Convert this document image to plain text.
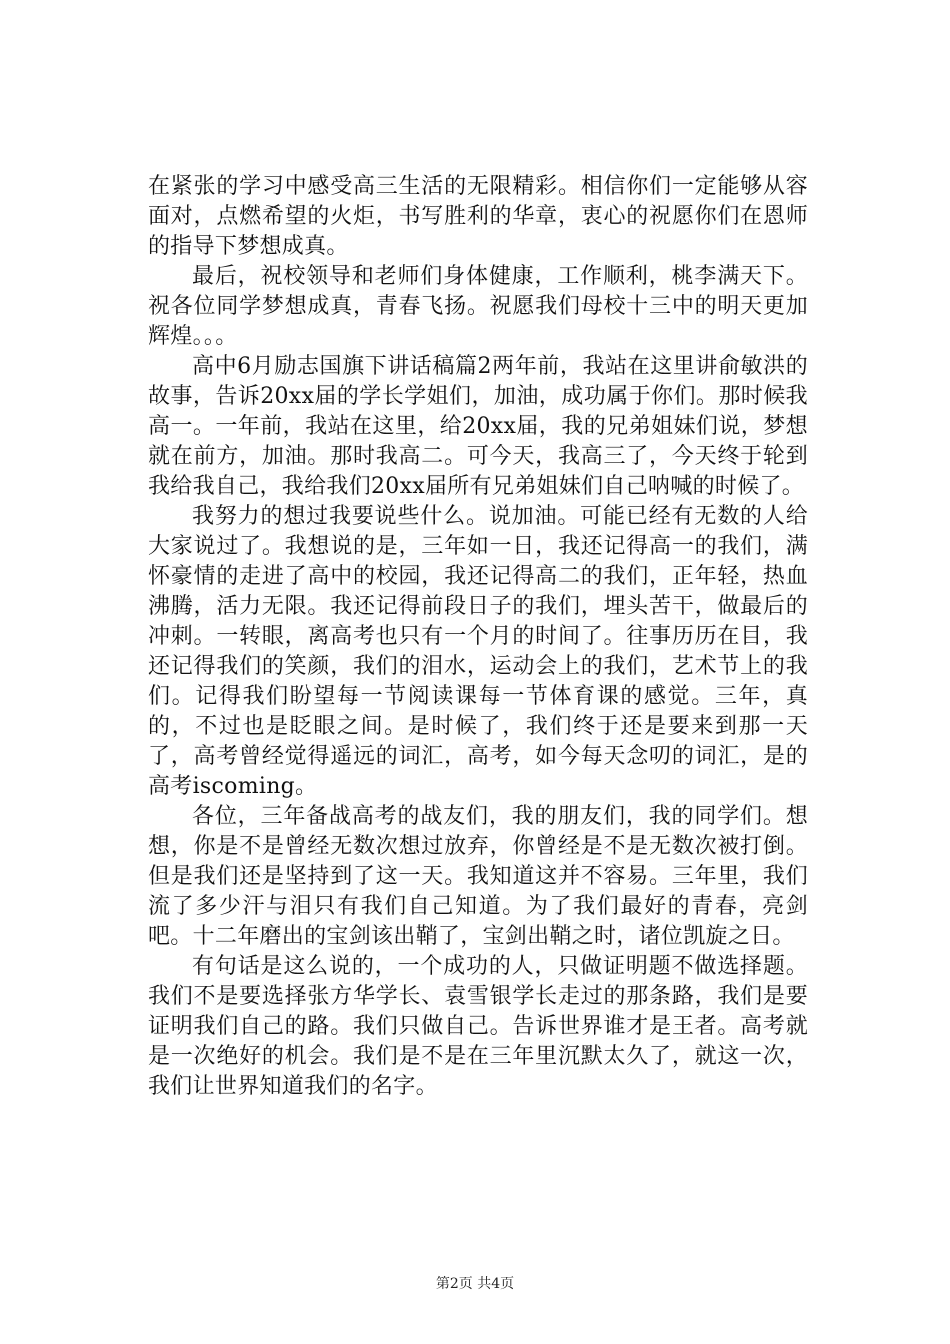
在紧张的学习中感受高三生活的无限精彩。相信你们一定能够从容面对，点燃希望的火炬，书写胜利的华章，衷心的祝愿你们在恩师的指导下梦想成真。

最后，祝校领导和老师们身体健康，工作顺利，桃李满天下。祝各位同学梦想成真，青春飞扬。祝愿我们母校十三中的明天更加辉煌。。。

高中6月励志国旗下讲话稿篇2两年前，我站在这里讲俞敏洪的故事，告诉20xx届的学长学姐们，加油，成功属于你们。那时候我高一。一年前，我站在这里，给20xx届，我的兄弟姐妹们说，梦想就在前方，加油。那时我高二。可今天，我高三了，今天终于轮到我给我自己，我给我们20xx届所有兄弟姐妹们自己呐喊的时候了。

我努力的想过我要说些什么。说加油。可能已经有无数的人给大家说过了。我想说的是，三年如一日，我还记得高一的我们，满怀豪情的走进了高中的校园，我还记得高二的我们，正年轻，热血沸腾，活力无限。我还记得前段日子的我们，埋头苦干，做最后的冲刺。一转眼，离高考也只有一个月的时间了。往事历历在目，我还记得我们的笑颜，我们的泪水，运动会上的我们，艺术节上的我们。记得我们盼望每一节阅读课每一节体育课的感觉。三年，真的，不过也是眨眼之间。是时候了，我们终于还是要来到那一天了，高考曾经觉得遥远的词汇，高考，如今每天念叨的词汇，是的高考iscoming。

各位，三年备战高考的战友们，我的朋友们，我的同学们。想想，你是不是曾经无数次想过放弃，你曾经是不是无数次被打倒。但是我们还是坚持到了这一天。我知道这并不容易。三年里，我们流了多少汗与泪只有我们自己知道。为了我们最好的青春，亮剑吧。十二年磨出的宝剑该出鞘了，宝剑出鞘之时，诸位凯旋之日。

有句话是这么说的，一个成功的人，只做证明题不做选择题。我们不是要选择张方华学长、袁雪银学长走过的那条路，我们是要证明我们自己的路。我们只做自己。告诉世界谁才是王者。高考就是一次绝好的机会。我们是不是在三年里沉默太久了，就这一次，我们让世界知道我们的名字。

第2页 共4页
